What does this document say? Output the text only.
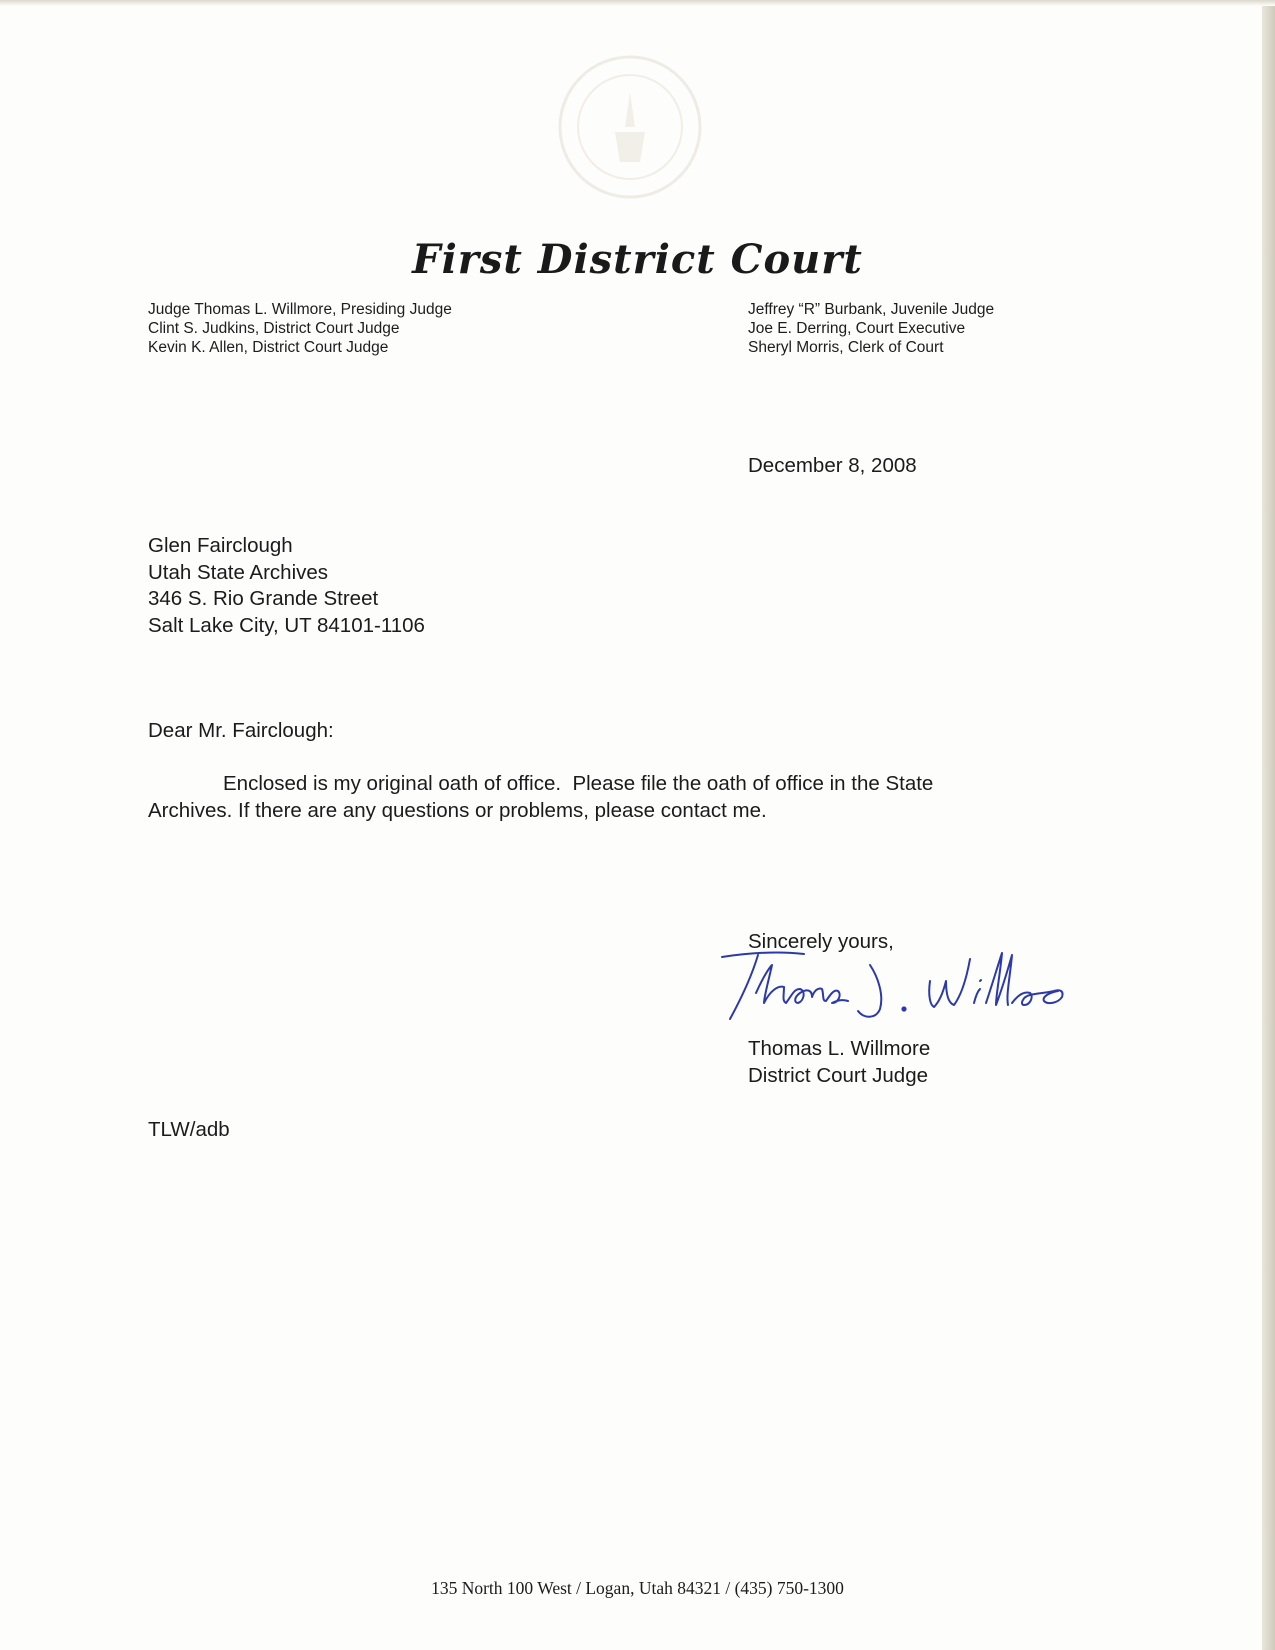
First District Court
Judge Thomas L. Willmore, Presiding Judge
Clint S. Judkins, District Court Judge
Kevin K. Allen, District Court Judge
Jeffrey “R” Burbank, Juvenile Judge
Joe E. Derring, Court Executive
Sheryl Morris, Clerk of Court
December 8, 2008
Glen Fairclough
Utah State Archives
346 S. Rio Grande Street
Salt Lake City, UT 84101-1106
Dear Mr. Fairclough:
Enclosed is my original oath of office.  Please file the oath of office in the State
Archives. If there are any questions or problems, please contact me.
Sincerely yours,
Thomas L. Willmore
District Court Judge
TLW/adb
135 North 100 West / Logan, Utah 84321 / (435) 750-1300
